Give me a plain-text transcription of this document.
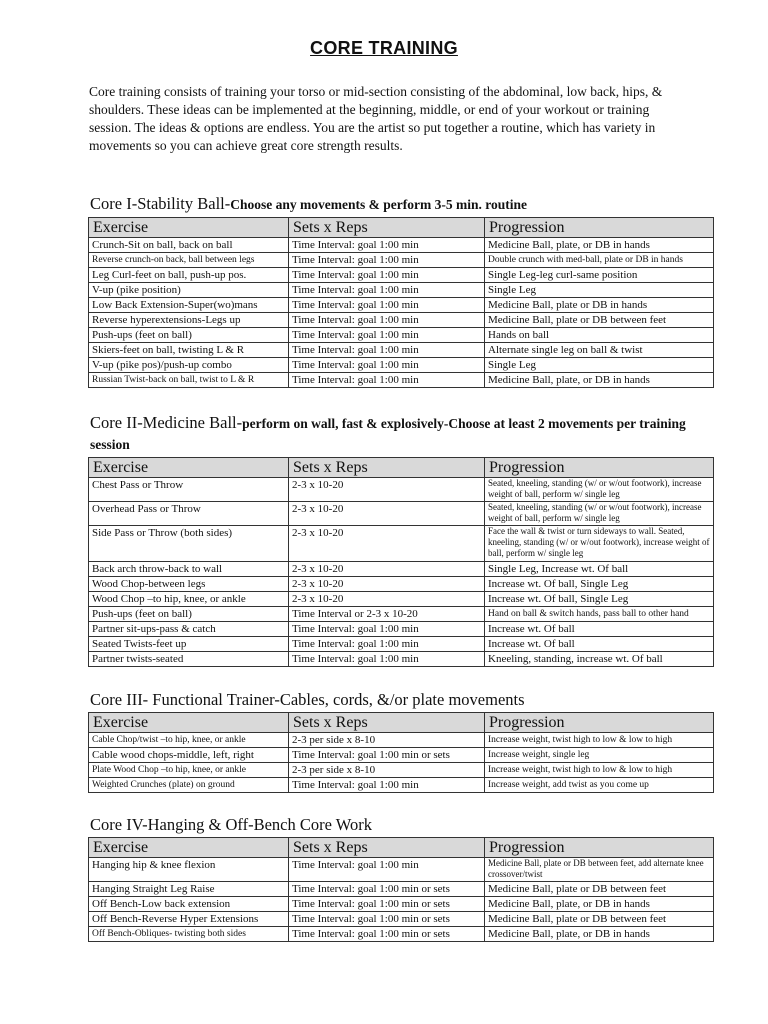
CORE TRAINING
Core training consists of training your torso or mid-section consisting of the abdominal, low back, hips, & shoulders. These ideas can be implemented at the beginning, middle, or end of your workout or training session. The ideas & options are endless. You are the artist so put together a routine, which has variety in movements so you can achieve great core strength results.
Core I-Stability Ball-Choose any movements & perform 3-5 min. routine
Exercise	Sets x Reps	Progression
Crunch-Sit on ball, back on ball	Time Interval: goal 1:00 min	Medicine Ball, plate, or DB in hands
Reverse crunch-on back, ball between legs	Time Interval: goal 1:00 min	Double crunch with med-ball, plate or DB in hands
Leg Curl-feet on ball, push-up pos.	Time Interval: goal 1:00 min	Single Leg-leg curl-same position
V-up (pike position)	Time Interval: goal 1:00 min	Single Leg
Low Back Extension-Super(wo)mans	Time Interval: goal 1:00 min	Medicine Ball, plate or DB in hands
Reverse hyperextensions-Legs up	Time Interval: goal 1:00 min	Medicine Ball, plate or DB between feet
Push-ups (feet on ball)	Time Interval: goal 1:00 min	Hands on ball
Skiers-feet on ball, twisting L & R	Time Interval: goal 1:00 min	Alternate single leg on ball & twist
V-up (pike pos)/push-up combo	Time Interval: goal 1:00 min	Single Leg
Russian Twist-back on ball, twist to L & R	Time Interval: goal 1:00 min	Medicine Ball, plate, or DB in hands
Core II-Medicine Ball-perform on wall, fast & explosively-Choose at least 2 movements per training session
Exercise	Sets x Reps	Progression
Chest Pass or Throw	2-3 x 10-20	Seated, kneeling, standing (w/ or w/out footwork), increase weight of ball, perform w/ single leg
Overhead Pass or Throw	2-3 x 10-20	Seated, kneeling, standing (w/ or w/out footwork), increase weight of ball, perform w/ single leg
Side Pass or Throw (both sides)	2-3 x 10-20	Face the wall & twist or turn sideways to wall. Seated, kneeling, standing (w/ or w/out footwork), increase weight of ball, perform w/ single leg
Back arch throw-back to wall	2-3 x 10-20	Single Leg, Increase wt. Of ball
Wood Chop-between legs	2-3 x 10-20	Increase wt. Of ball, Single Leg
Wood Chop –to hip, knee, or ankle	2-3 x 10-20	Increase wt. Of ball, Single Leg
Push-ups (feet on ball)	Time Interval or 2-3 x 10-20	Hand on ball & switch hands, pass ball to other hand
Partner sit-ups-pass & catch	Time Interval: goal 1:00 min	Increase wt. Of ball
Seated Twists-feet up	Time Interval: goal 1:00 min	Increase wt. Of ball
Partner twists-seated	Time Interval: goal 1:00 min	Kneeling, standing, increase wt. Of ball
Core III- Functional Trainer-Cables, cords, &/or plate movements
Exercise	Sets x Reps	Progression
Cable Chop/twist –to hip, knee, or ankle	2-3 per side x 8-10	Increase weight, twist high to low & low to high
Cable wood chops-middle, left, right	Time Interval: goal 1:00 min or sets	Increase weight, single leg
Plate Wood Chop –to hip, knee, or ankle	2-3 per side x 8-10	Increase weight, twist high to low & low to high
Weighted Crunches (plate) on ground	Time Interval: goal 1:00 min	Increase weight, add twist as you come up
Core IV-Hanging & Off-Bench Core Work
Exercise	Sets x Reps	Progression
Hanging hip & knee flexion	Time Interval: goal 1:00 min	Medicine Ball, plate or DB between feet, add alternate knee crossover/twist
Hanging Straight Leg Raise	Time Interval: goal 1:00 min or sets	Medicine Ball, plate or DB between feet
Off Bench-Low back extension	Time Interval: goal 1:00 min or sets	Medicine Ball, plate, or DB in hands
Off Bench-Reverse Hyper Extensions	Time Interval: goal 1:00 min or sets	Medicine Ball, plate or DB between feet
Off Bench-Obliques- twisting both sides	Time Interval: goal 1:00 min or sets	Medicine Ball, plate, or DB in hands
